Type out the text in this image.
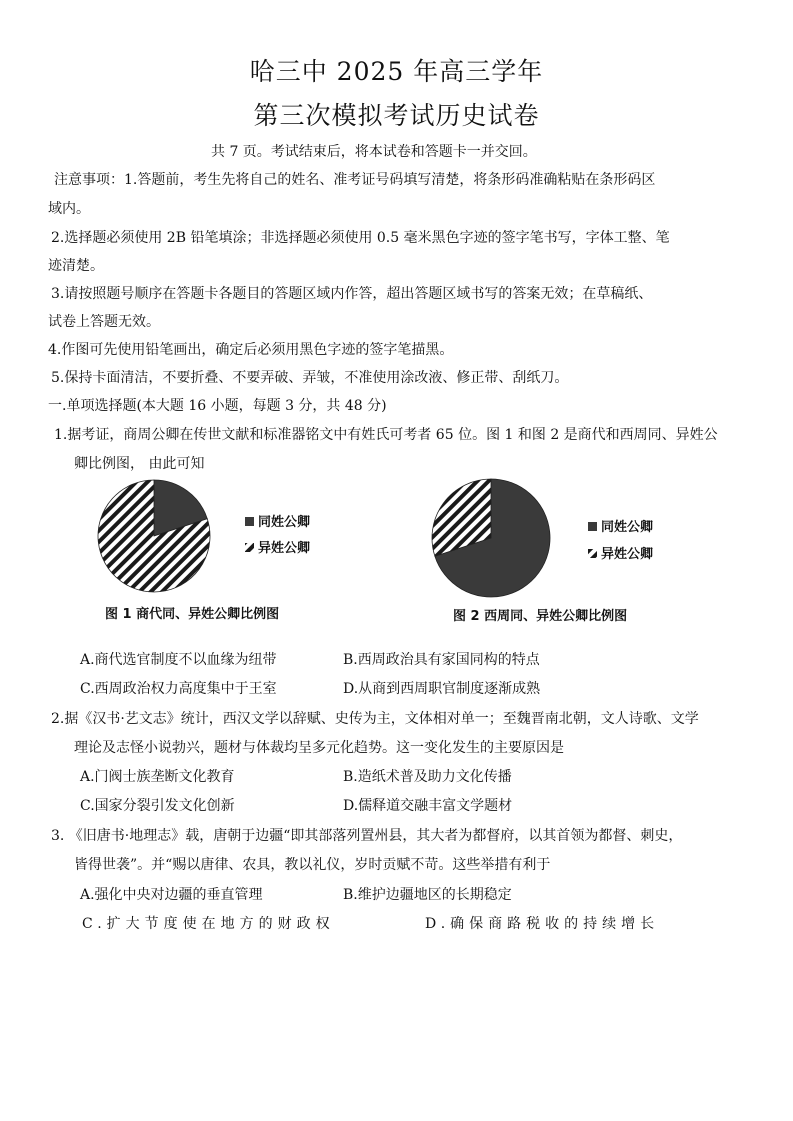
哈三中 2025 年高三学年
第三次模拟考试历史试卷
共 7 页。考试结束后，将本试卷和答题卡一并交回。
注意事项：1.答题前，考生先将自己的姓名、准考证号码填写清楚，将条形码准确粘贴在条形码区
域内。
2.选择题必须使用 2B 铅笔填涂；非选择题必须使用 0.5 毫米黑色字迹的签字笔书写，字体工整、笔
迹清楚。
3.请按照题号顺序在答题卡各题目的答题区域内作答，超出答题区域书写的答案无效；在草稿纸、
试卷上答题无效。
4.作图可先使用铅笔画出，确定后必须用黑色字迹的签字笔描黑。
5.保持卡面清洁，不要折叠、不要弄破、弄皱，不准使用涂改液、修正带、刮纸刀。
一.单项选择题(本大题 16 小题，每题 3 分，共 48 分)
1.据考证，商周公卿在传世文献和标准器铭文中有姓氏可考者 65 位。图 1 和图 2 是商代和西周同、异姓公
卿比例图， 由此可知
同姓公卿
异姓公卿
图 1 商代同、异姓公卿比例图
同姓公卿
异姓公卿
图 2 西周同、异姓公卿比例图
A.商代选官制度不以血缘为纽带	B.西周政治具有家国同构的特点
C.西周政治权力高度集中于王室	D.从商到西周职官制度逐渐成熟
2.据《汉书·艺文志》统计，西汉文学以辞赋、史传为主，文体相对单一；至魏晋南北朝，文人诗歌、文学
理论及志怪小说勃兴，题材与体裁均呈多元化趋势。这一变化发生的主要原因是
A.门阀士族垄断文化教育	B.造纸术普及助力文化传播
C.国家分裂引发文化创新	D.儒释道交融丰富文学题材
3. 《旧唐书·地理志》载，唐朝于边疆“即其部落列置州县，其大者为都督府，以其首领为都督、刺史，
皆得世袭”。并“赐以唐律、农具，教以礼仪，岁时贡赋不苛。这些举措有利于
A.强化中央对边疆的垂直管理	B.维护边疆地区的长期稳定
C.扩大节度使在地方的财政权	D.确保商路税收的持续增长
